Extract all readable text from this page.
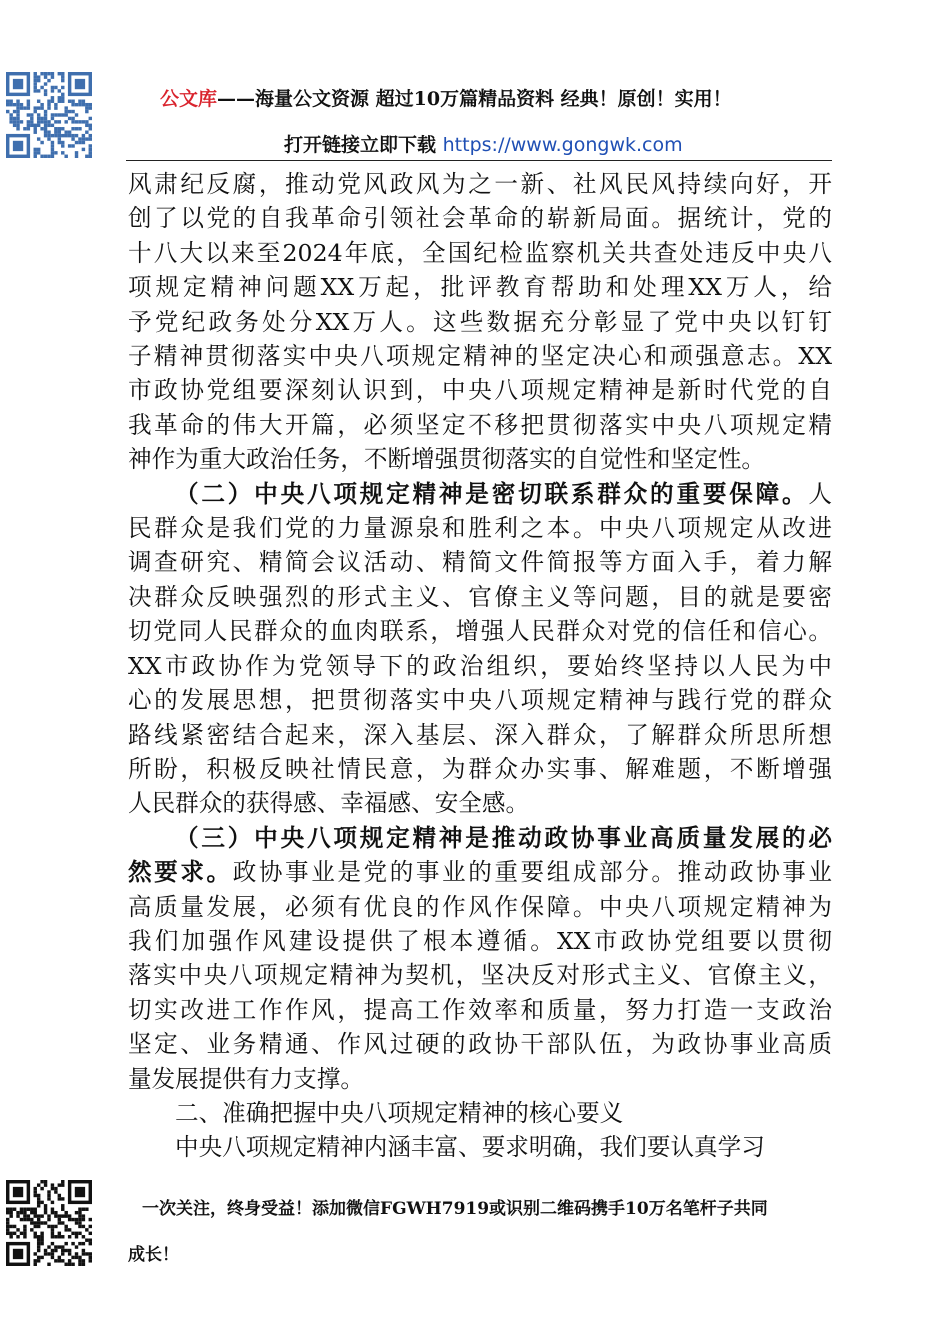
公文库——海量公文资源 超过10万篇精品资料 经典！原创！实用！
打开链接立即下载 https://www.gongwk.com

风肃纪反腐，推动党风政风为之一新、社风民风持续向好，开

创了以党的自我革命引领社会革命的崭新局面。据统计，党的

十八大以来至2024年底，全国纪检监察机关共查处违反中央八

项规定精神问题XX万起，批评教育帮助和处理XX万人，给

予党纪政务处分XX万人。这些数据充分彰显了党中央以钉钉

子精神贯彻落实中央八项规定精神的坚定决心和顽强意志。XX

市政协党组要深刻认识到，中央八项规定精神是新时代党的自

我革命的伟大开篇，必须坚定不移把贯彻落实中央八项规定精

神作为重大政治任务，不断增强贯彻落实的自觉性和坚定性。

（二）中央八项规定精神是密切联系群众的重要保障。人

民群众是我们党的力量源泉和胜利之本。中央八项规定从改进

调查研究、精简会议活动、精简文件简报等方面入手，着力解

决群众反映强烈的形式主义、官僚主义等问题，目的就是要密

切党同人民群众的血肉联系，增强人民群众对党的信任和信心。

XX市政协作为党领导下的政治组织，要始终坚持以人民为中

心的发展思想，把贯彻落实中央八项规定精神与践行党的群众

路线紧密结合起来，深入基层、深入群众，了解群众所思所想

所盼，积极反映社情民意，为群众办实事、解难题，不断增强

人民群众的获得感、幸福感、安全感。

（三）中央八项规定精神是推动政协事业高质量发展的必

然要求。政协事业是党的事业的重要组成部分。推动政协事业

高质量发展，必须有优良的作风作保障。中央八项规定精神为

我们加强作风建设提供了根本遵循。XX市政协党组要以贯彻

落实中央八项规定精神为契机，坚决反对形式主义、官僚主义，

切实改进工作作风，提高工作效率和质量，努力打造一支政治

坚定、业务精通、作风过硬的政协干部队伍，为政协事业高质

量发展提供有力支撑。

二、准确把握中央八项规定精神的核心要义

中央八项规定精神内涵丰富、要求明确，我们要认真学习

一次关注，终身受益！添加微信FGWH7919或识别二维码携手10万名笔杆子共同
成长！
